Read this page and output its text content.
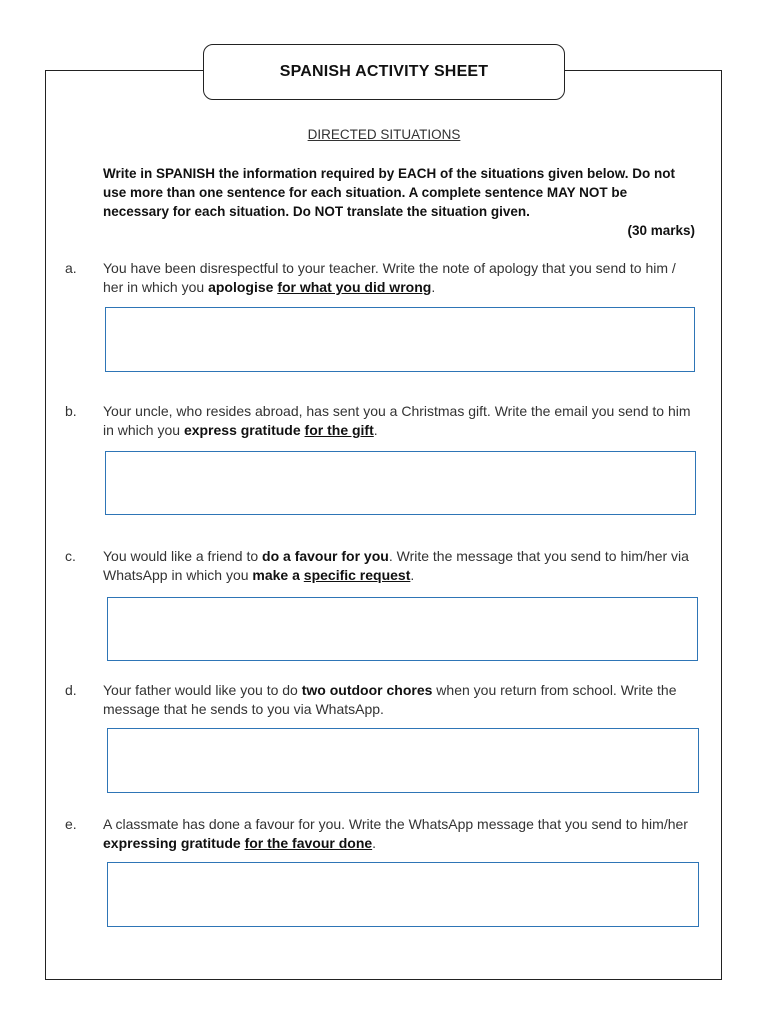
SPANISH ACTIVITY SHEET
DIRECTED SITUATIONS
Write in SPANISH the information required by EACH of the situations given below. Do not use more than one sentence for each situation. A complete sentence MAY NOT be necessary for each situation. Do NOT translate the situation given.
(30 marks)
a. You have been disrespectful to your teacher. Write the note of apology that you send to him / her in which you apologise for what you did wrong.
b. Your uncle, who resides abroad, has sent you a Christmas gift. Write the email you send to him in which you express gratitude for the gift.
c. You would like a friend to do a favour for you. Write the message that you send to him/her via WhatsApp in which you make a specific request.
d. Your father would like you to do two outdoor chores when you return from school. Write the message that he sends to you via WhatsApp.
e. A classmate has done a favour for you. Write the WhatsApp message that you send to him/her expressing gratitude for the favour done.
